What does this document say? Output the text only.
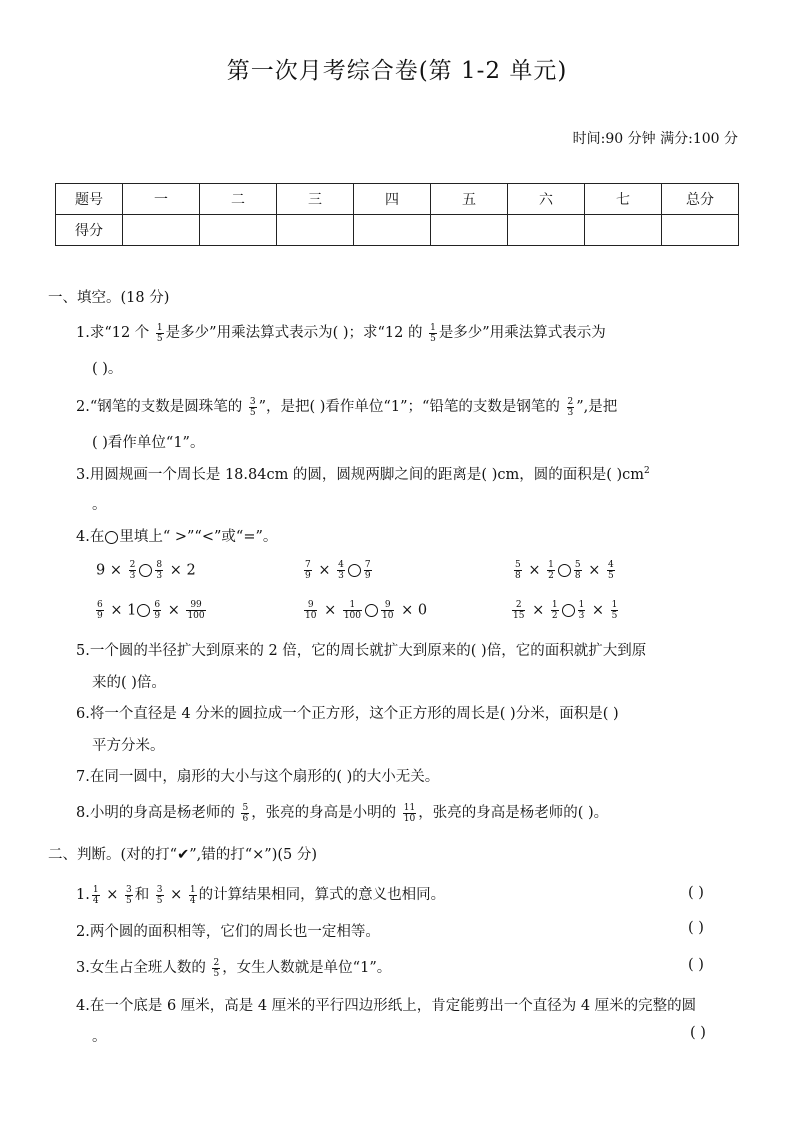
第一次月考综合卷(第 1-2 单元)
时间:90 分钟 满分:100 分
题号	一	二	三	四	五	六	七	总分
得分								
一、填空。(18 分)
1.求“12 个 $\frac{1}{5}$ 是多少”用乘法算式表示为( )；求“12 的 $\frac{1}{5}$ 是多少”用乘法算式表示为
( )。
2.“钢笔的支数是圆珠笔的 $\frac{3}{5}$ ”，是把( )看作单位“1”；“铅笔的支数是钢笔的 $\frac{2}{3}$ ”,是把
( )看作单位“1”。
3.用圆规画一个周长是 18.84cm 的圆，圆规两脚之间的距离是( )cm，圆的面积是( )$cm^2$
。
4.在 里填上“ >”“<”或“=”。
$9 \times \frac{2}{3} \frac{8}{3} \times 2$	$\frac{7}{9} \times \frac{4}{3} \frac{7}{9}$	$\frac{5}{8} \times \frac{1}{2} \frac{5}{8} \times \frac{4}{5}$
$\frac{6}{9} \times 1 \frac{6}{9} \times \frac{99}{100}$	$\frac{9}{10} \times \frac{1}{100} \frac{9}{10} \times 0$	$\frac{2}{15} \times \frac{1}{2} \frac{1}{3} \times \frac{1}{5}$
5.一个圆的半径扩大到原来的 2 倍，它的周长就扩大到原来的( )倍，它的面积就扩大到原
来的( )倍。
6.将一个直径是 4 分米的圆拉成一个正方形，这个正方形的周长是( )分米，面积是( )
平方分米。
7.在同一圆中，扇形的大小与这个扇形的( )的大小无关。
8.小明的身高是杨老师的 $\frac{5}{6}$ ，张亮的身高是小明的 $\frac{11}{10}$ ，张亮的身高是杨老师的( )。
二、判断。(对的打“✔”,错的打“×”)(5 分)
1. $\frac{1}{4} \times \frac{3}{5}$ 和 $\frac{3}{5} \times \frac{1}{4}$ 的计算结果相同，算式的意义也相同。	( )
2.两个圆的面积相等，它们的周长也一定相等。	( )
3.女生占全班人数的 $\frac{2}{5}$ ，女生人数就是单位“1”。	( )
4.在一个底是 6 厘米，高是 4 厘米的平行四边形纸上，肯定能剪出一个直径为 4 厘米的完整的圆
。	( )
